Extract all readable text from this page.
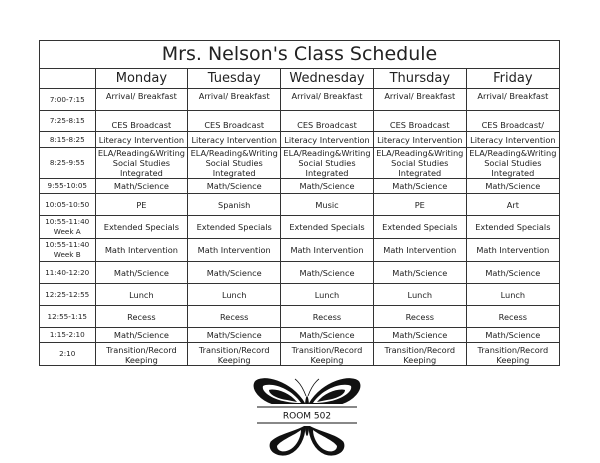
Mrs. Nelson's Class Schedule
	Monday	Tuesday	Wednesday	Thursday	Friday
7:00-7:15	Arrival/ Breakfast	Arrival/ Breakfast	Arrival/ Breakfast	Arrival/ Breakfast	Arrival/ Breakfast
7:25-8:15	CES Broadcast	CES Broadcast	CES Broadcast	CES Broadcast	CES Broadcast/
8:15-8:25	Literacy Intervention	Literacy Intervention	Literacy Intervention	Literacy Intervention	Literacy Intervention
8:25-9:55	ELA/Reading&Writing Social Studies Integrated	ELA/Reading&Writing Social Studies Integrated	ELA/Reading&Writing Social Studies Integrated	ELA/Reading&Writing Social Studies Integrated	ELA/Reading&Writing Social Studies Integrated
9:55-10:05	Math/Science	Math/Science	Math/Science	Math/Science	Math/Science
10:05-10:50	PE	Spanish	Music	PE	Art
10:55-11:40 Week A	Extended Specials	Extended Specials	Extended Specials	Extended Specials	Extended Specials
10:55-11:40 Week B	Math Intervention	Math Intervention	Math Intervention	Math Intervention	Math Intervention
11:40-12:20	Math/Science	Math/Science	Math/Science	Math/Science	Math/Science
12:25-12:55	Lunch	Lunch	Lunch	Lunch	Lunch
12:55-1:15	Recess	Recess	Recess	Recess	Recess
1:15-2:10	Math/Science	Math/Science	Math/Science	Math/Science	Math/Science
2:10	Transition/Record Keeping	Transition/Record Keeping	Transition/Record Keeping	Transition/Record Keeping	Transition/Record Keeping
ROOM 502
